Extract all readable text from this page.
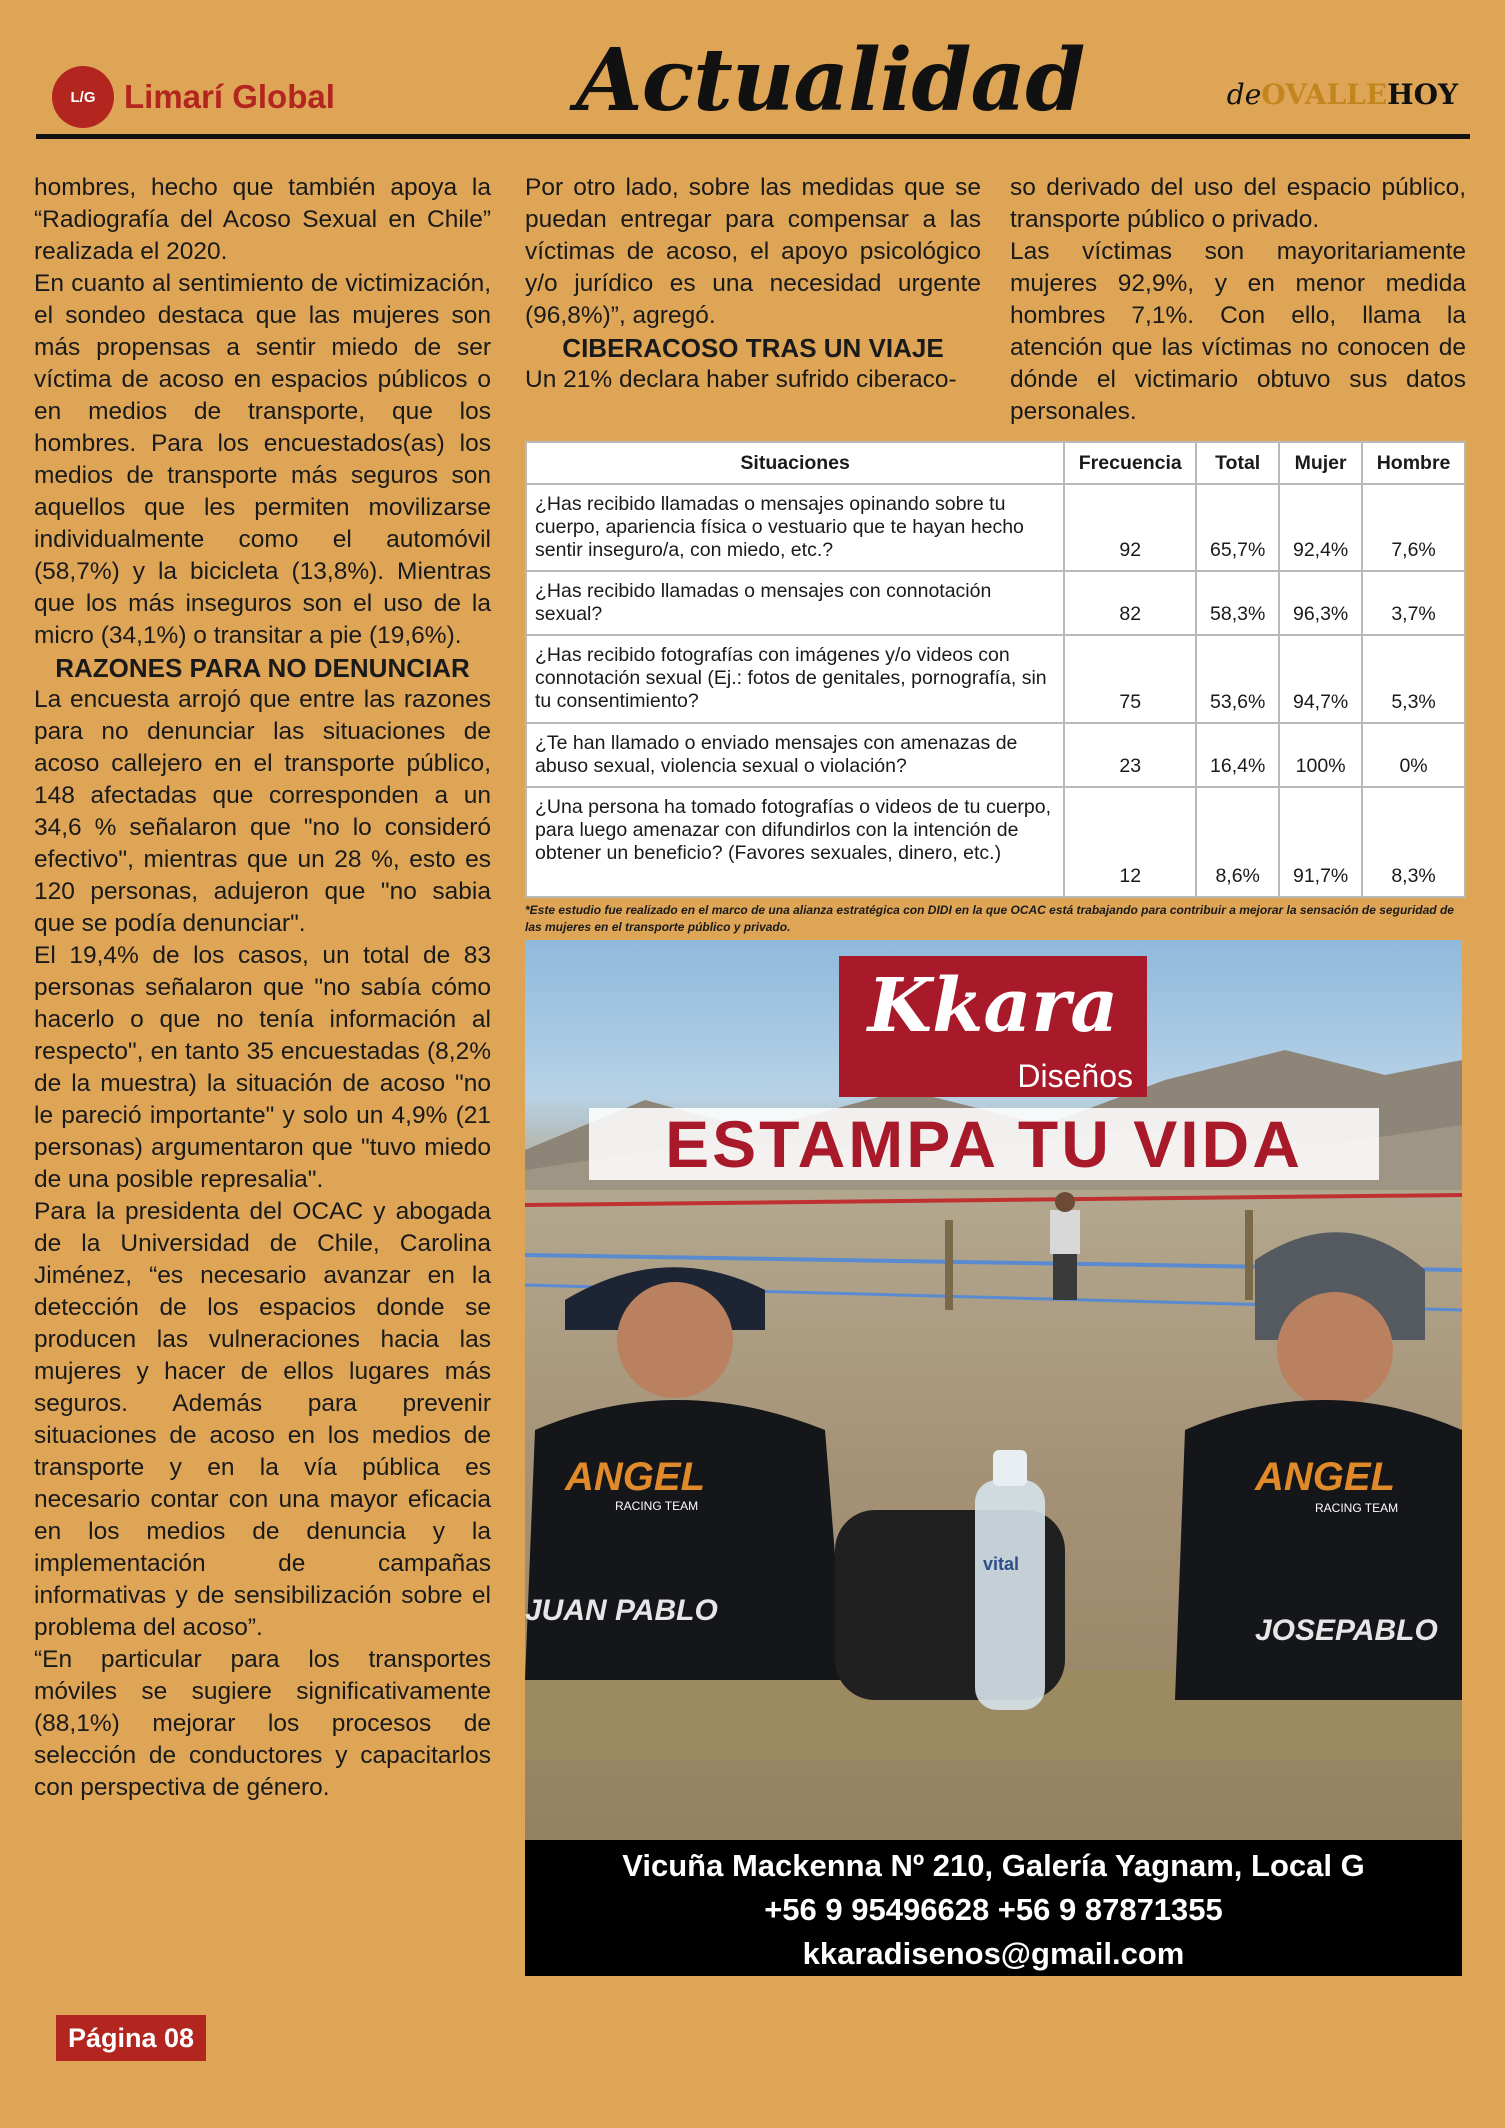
L/G Limarí Global	Actualidad	deOVALLEHOY

hombres, hecho que también apoya la “Radiografía del Acoso Sexual en Chile” realizada el 2020.

En cuanto al sentimiento de victimización, el sondeo destaca que las mujeres son más propensas a sentir miedo de ser víctima de acoso en espacios públicos o en medios de transporte, que los hombres. Para los encuestados(as) los medios de transporte más seguros son aquellos que les permiten movilizarse individualmente como el automóvil (58,7%) y la bicicleta (13,8%). Mientras que los más inseguros son el uso de la micro (34,1%) o transitar a pie (19,6%).

RAZONES PARA NO DENUNCIAR

La encuesta arrojó que entre las razones para no denunciar las situaciones de acoso callejero en el transporte público, 148 afectadas que corresponden a un 34,6 % señalaron que "no lo consideró efectivo", mientras que un 28 %, esto es 120 personas, adujeron que "no sabia que se podía denunciar".

El 19,4% de los casos, un total de 83 personas señalaron que "no sabía cómo hacerlo o que no tenía información al respecto", en tanto 35 encuestadas (8,2% de la muestra) la situación de acoso "no le pareció importante" y solo un 4,9% (21 personas) argumentaron que "tuvo miedo de una posible represalia".

Para la presidenta del OCAC y abogada de la Universidad de Chile, Carolina Jiménez, “es necesario avanzar en la detección de los espacios donde se producen las vulneraciones hacia las mujeres y hacer de ellos lugares más seguros. Además para prevenir situaciones de acoso en los medios de transporte y en la vía pública es necesario contar con una mayor eficacia en los medios de denuncia y la implementación de campañas informativas y de sensibilización sobre el problema del acoso”.

“En particular para los transportes móviles se sugiere significativamente (88,1%) mejorar los procesos de selección de conductores y capacitarlos con perspectiva de género.

Por otro lado, sobre las medidas que se puedan entregar para compensar a las víctimas de acoso, el apoyo psicológico y/o jurídico es una necesidad urgente (96,8%)”, agregó.

CIBERACOSO TRAS UN VIAJE

Un 21% declara haber sufrido ciberaco-

so derivado del uso del espacio público, transporte público o privado.

Las víctimas son mayoritariamente mujeres 92,9%, y en menor medida hombres 7,1%. Con ello, llama la atención que las víctimas no conocen de dónde el victimario obtuvo sus datos personales.

Situaciones	Frecuencia	Total	Mujer	Hombre
¿Has recibido llamadas o mensajes opinando sobre tu cuerpo, apariencia física o vestuario que te hayan hecho sentir inseguro/a, con miedo, etc.?	92	65,7%	92,4%	7,6%
¿Has recibido llamadas o mensajes con connotación sexual?	82	58,3%	96,3%	3,7%
¿Has recibido fotografías con imágenes y/o videos con connotación sexual (Ej.: fotos de genitales, pornografía, sin tu consentimiento?	75	53,6%	94,7%	5,3%
¿Te han llamado o enviado mensajes con amenazas de abuso sexual, violencia sexual o violación?	23	16,4%	100%	0%
¿Una persona ha tomado fotografías o videos de tu cuerpo, para luego amenazar con difundirlos con la intención de obtener un beneficio? (Favores sexuales, dinero, etc.)	12	8,6%	91,7%	8,3%

*Este estudio fue realizado en el marco de una alianza estratégica con DIDI en la que OCAC está trabajando para contribuir a mejorar la sensación de seguridad de las mujeres en el transporte público y privado.

Kkara
Diseños
ESTAMPA TU VIDA
ANGEL
RACING TEAM
JUAN PABLO
vital
ANGEL
RACING TEAM
JOSEPABLO
Vicuña Mackenna Nº 210, Galería Yagnam, Local G
+56 9 95496628 +56 9 87871355
kkaradisenos@gmail.com
Página 08
